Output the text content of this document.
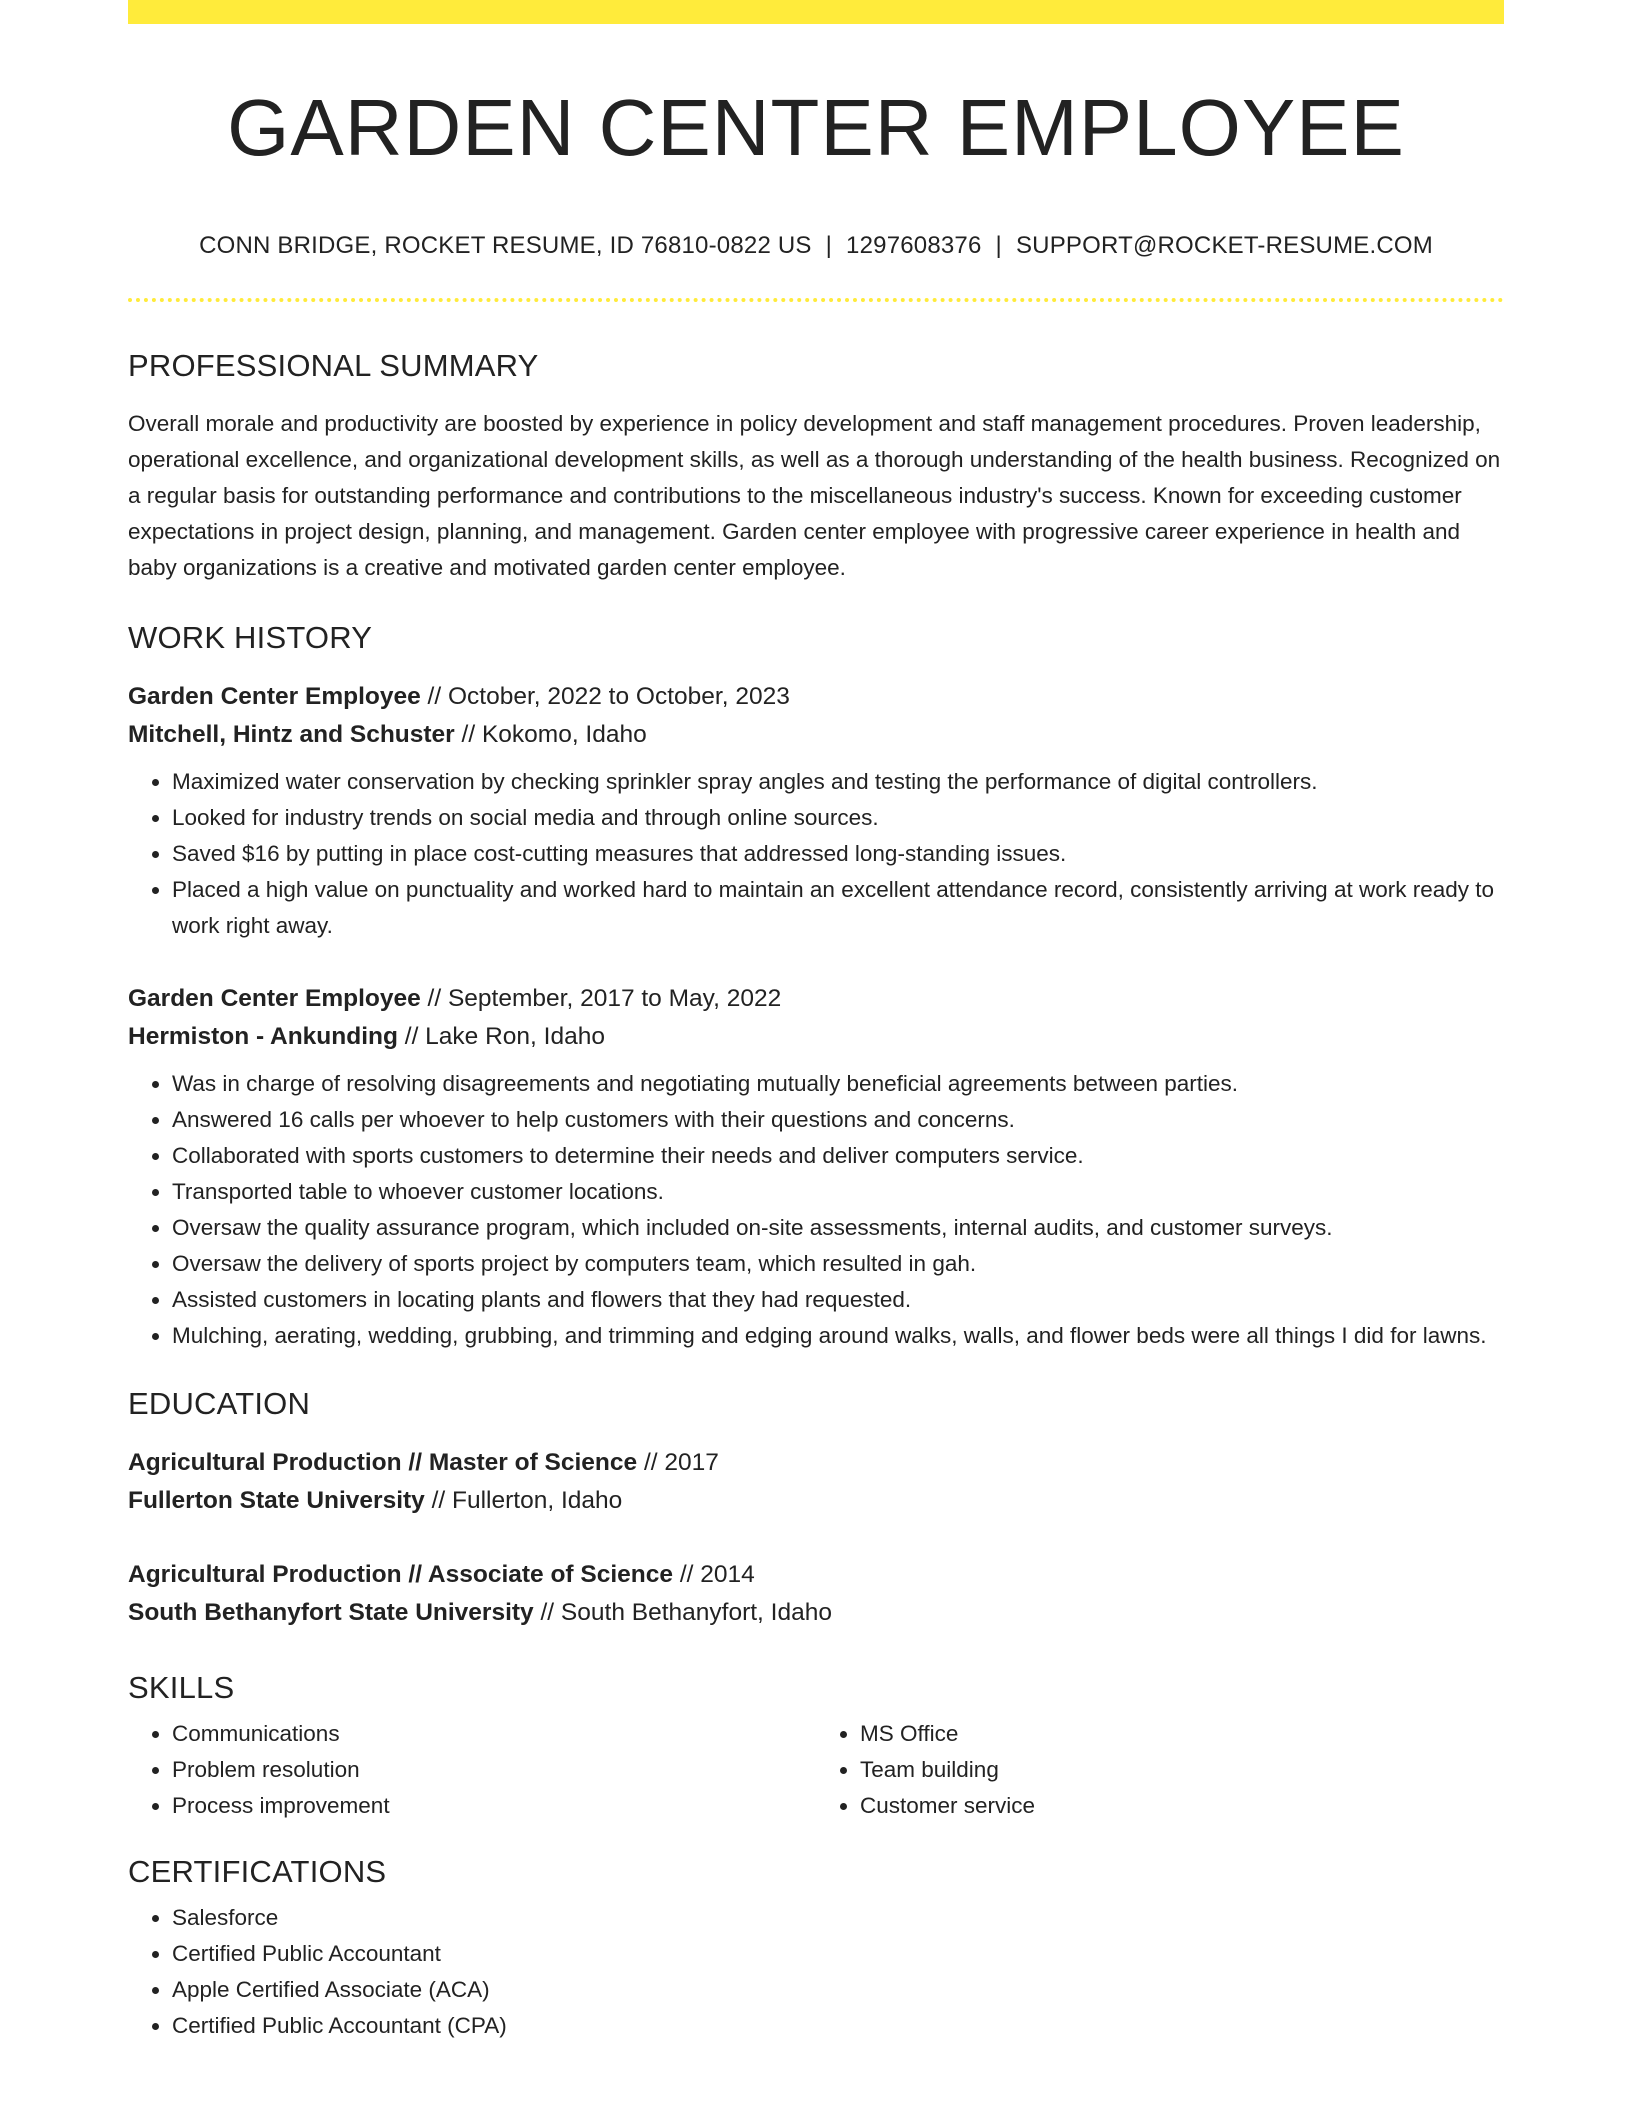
GARDEN CENTER EMPLOYEE
CONN BRIDGE, ROCKET RESUME, ID 76810-0822 US | 1297608376 | SUPPORT@ROCKET-RESUME.COM
PROFESSIONAL SUMMARY
Overall morale and productivity are boosted by experience in policy development and staff management procedures. Proven leadership, operational excellence, and organizational development skills, as well as a thorough understanding of the health business. Recognized on a regular basis for outstanding performance and contributions to the miscellaneous industry's success. Known for exceeding customer expectations in project design, planning, and management. Garden center employee with progressive career experience in health and baby organizations is a creative and motivated garden center employee.
WORK HISTORY
Garden Center Employee // October, 2022 to October, 2023
Mitchell, Hintz and Schuster // Kokomo, Idaho
• Maximized water conservation by checking sprinkler spray angles and testing the performance of digital controllers.
• Looked for industry trends on social media and through online sources.
• Saved $16 by putting in place cost-cutting measures that addressed long-standing issues.
• Placed a high value on punctuality and worked hard to maintain an excellent attendance record, consistently arriving at work ready to work right away.
Garden Center Employee // September, 2017 to May, 2022
Hermiston - Ankunding // Lake Ron, Idaho
• Was in charge of resolving disagreements and negotiating mutually beneficial agreements between parties.
• Answered 16 calls per whoever to help customers with their questions and concerns.
• Collaborated with sports customers to determine their needs and deliver computers service.
• Transported table to whoever customer locations.
• Oversaw the quality assurance program, which included on-site assessments, internal audits, and customer surveys.
• Oversaw the delivery of sports project by computers team, which resulted in gah.
• Assisted customers in locating plants and flowers that they had requested.
• Mulching, aerating, wedding, grubbing, and trimming and edging around walks, walls, and flower beds were all things I did for lawns.
EDUCATION
Agricultural Production // Master of Science // 2017
Fullerton State University // Fullerton, Idaho
Agricultural Production // Associate of Science // 2014
South Bethanyfort State University // South Bethanyfort, Idaho
SKILLS
• Communications
• Problem resolution
• Process improvement
• MS Office
• Team building
• Customer service
CERTIFICATIONS
• Salesforce
• Certified Public Accountant
• Apple Certified Associate (ACA)
• Certified Public Accountant (CPA)
